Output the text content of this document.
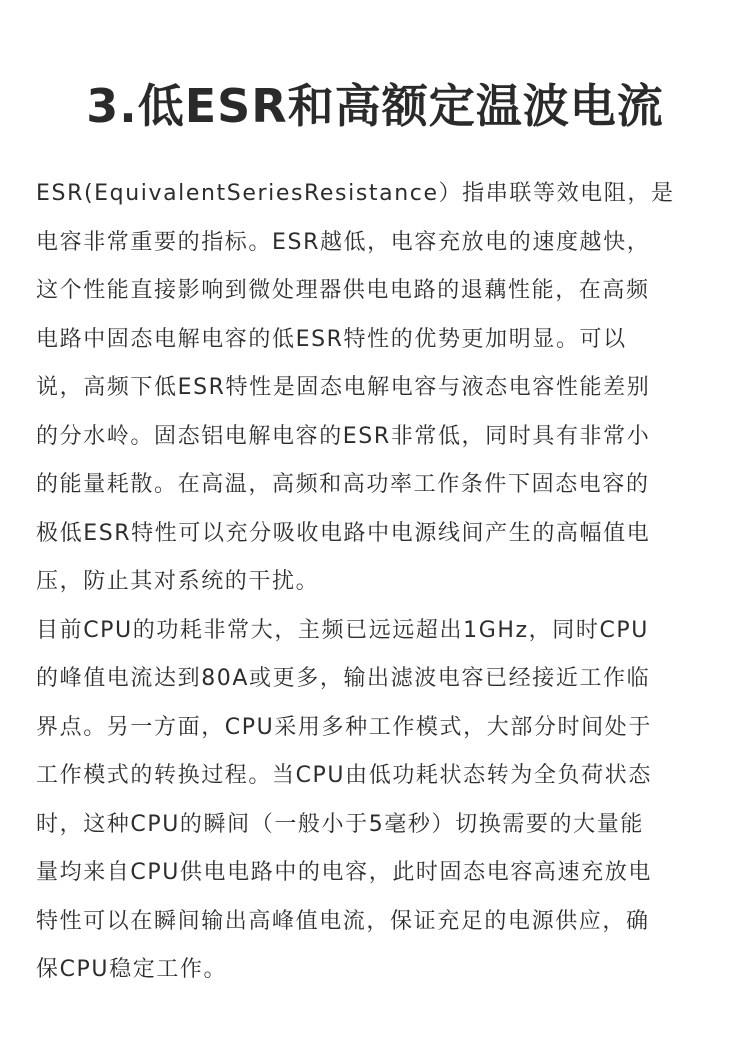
3.低ESR和高额定温波电流

ESR(EquivalentSeriesResistance）指串联等效电阻，是
电容非常重要的指标。ESR越低，电容充放电的速度越快，
这个性能直接影响到微处理器供电电路的退藕性能，在高频
电路中固态电解电容的低ESR特性的优势更加明显。可以
说，高频下低ESR特性是固态电解电容与液态电容性能差别
的分水岭。固态铝电解电容的ESR非常低，同时具有非常小
的能量耗散。在高温，高频和高功率工作条件下固态电容的
极低ESR特性可以充分吸收电路中电源线间产生的高幅值电
压，防止其对系统的干扰。

目前CPU的功耗非常大，主频已远远超出1GHz，同时CPU
的峰值电流达到80A或更多，输出滤波电容已经接近工作临
界点。另一方面，CPU采用多种工作模式，大部分时间处于
工作模式的转换过程。当CPU由低功耗状态转为全负荷状态
时，这种CPU的瞬间（一般小于5毫秒）切换需要的大量能
量均来自CPU供电电路中的电容，此时固态电容高速充放电
特性可以在瞬间输出高峰值电流，保证充足的电源供应，确
保CPU稳定工作。
